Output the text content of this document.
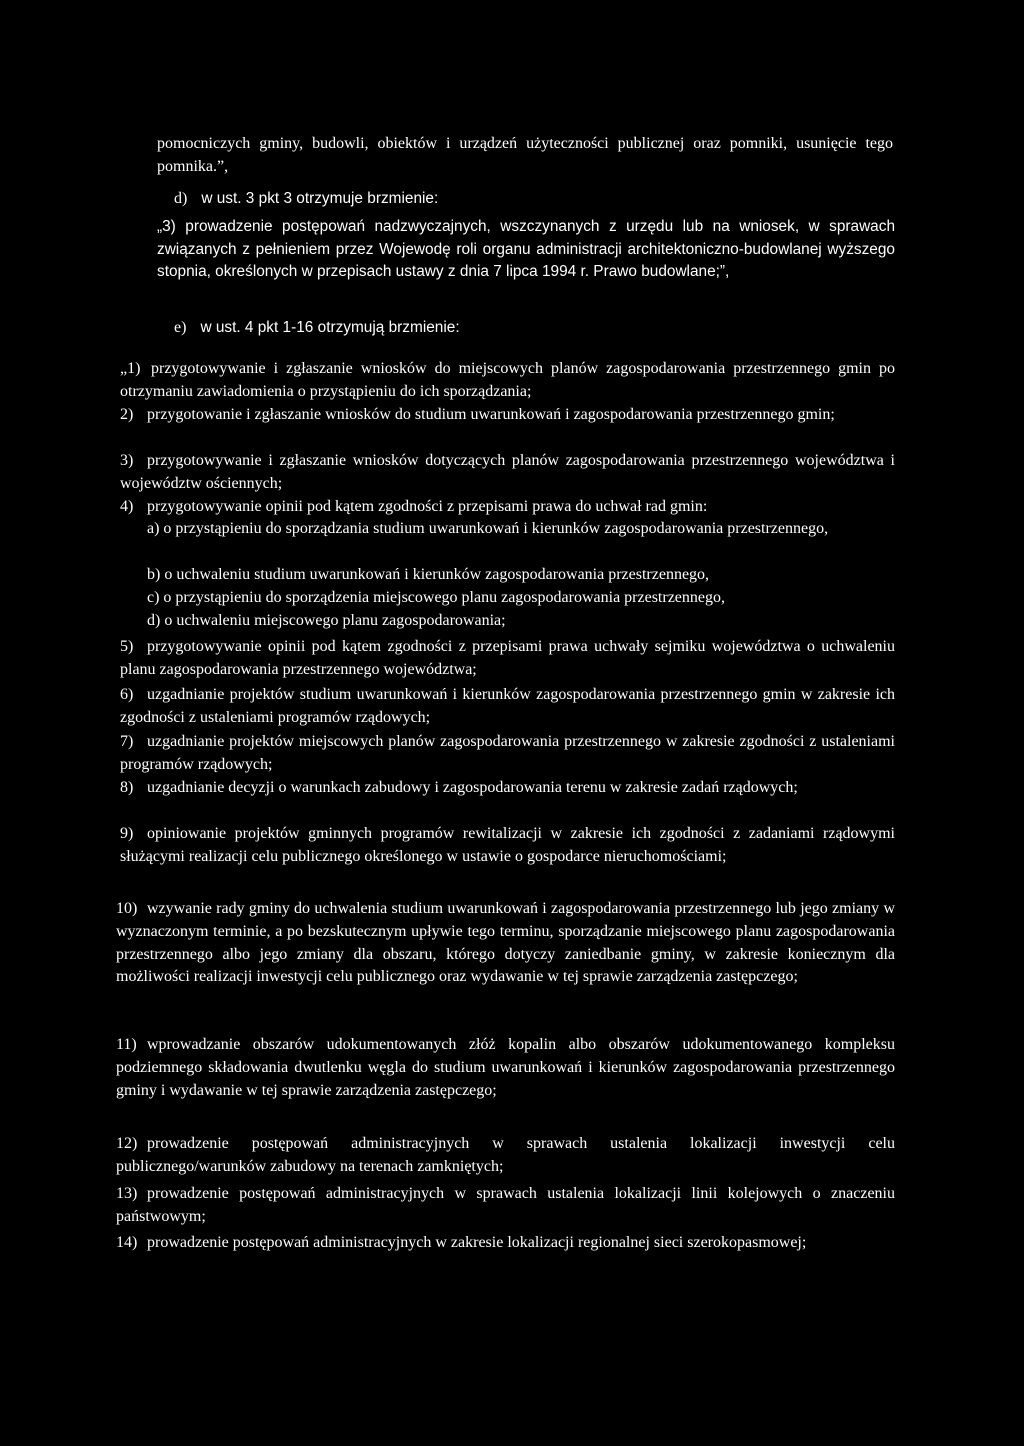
pomocniczych gminy, budowli, obiektów i urządzeń użyteczności publicznej oraz pomniki, usunięcie tego pomnika.”,

d) w ust. 3 pkt 3 otrzymuje brzmienie:

„3) prowadzenie postępowań nadzwyczajnych, wszczynanych z urzędu lub na wniosek, w sprawach związanych z pełnieniem przez Wojewodę roli organu administracji architektoniczno-budowlanej wyższego stopnia, określonych w przepisach ustawy z dnia 7 lipca 1994 r. Prawo budowlane;”,

e) w ust. 4 pkt 1-16 otrzymują brzmienie:
„1) przygotowywanie i zgłaszanie wniosków do miejscowych planów zagospodarowania przestrzennego gmin po otrzymaniu zawiadomienia o przystąpieniu do ich sporządzania;
2) przygotowanie i zgłaszanie wniosków do studium uwarunkowań i zagospodarowania przestrzennego gmin;
3) przygotowywanie i zgłaszanie wniosków dotyczących planów zagospodarowania przestrzennego województwa i województw ościennych;
4) przygotowywanie opinii pod kątem zgodności z przepisami prawa do uchwał rad gmin:

a) o przystąpieniu do sporządzania studium uwarunkowań i kierunków zagospodarowania przestrzennego,

b) o uchwaleniu studium uwarunkowań i kierunków zagospodarowania przestrzennego,

c) o przystąpieniu do sporządzenia miejscowego planu zagospodarowania przestrzennego,

d) o uchwaleniu miejscowego planu zagospodarowania;

5) przygotowywanie opinii pod kątem zgodności z przepisami prawa uchwały sejmiku województwa o uchwaleniu planu zagospodarowania przestrzennego województwa;
6) uzgadnianie projektów studium uwarunkowań i kierunków zagospodarowania przestrzennego gmin w zakresie ich zgodności z ustaleniami programów rządowych;
7) uzgadnianie projektów miejscowych planów zagospodarowania przestrzennego w zakresie zgodności z ustaleniami programów rządowych;
8) uzgadnianie decyzji o warunkach zabudowy i zagospodarowania terenu w zakresie zadań rządowych;
9) opiniowanie projektów gminnych programów rewitalizacji w zakresie ich zgodności z zadaniami rządowymi służącymi realizacji celu publicznego określonego w ustawie o gospodarce nieruchomościami;
10) wzywanie rady gminy do uchwalenia studium uwarunkowań i zagospodarowania przestrzennego lub jego zmiany w wyznaczonym terminie, a po bezskutecznym upływie tego terminu, sporządzanie miejscowego planu zagospodarowania przestrzennego albo jego zmiany dla obszaru, którego dotyczy zaniedbanie gminy, w zakresie koniecznym dla możliwości realizacji inwestycji celu publicznego oraz wydawanie w tej sprawie zarządzenia zastępczego;
11) wprowadzanie obszarów udokumentowanych złóż kopalin albo obszarów udokumentowanego kompleksu podziemnego składowania dwutlenku węgla do studium uwarunkowań i kierunków zagospodarowania przestrzennego gminy i wydawanie w tej sprawie zarządzenia zastępczego;
12) prowadzenie postępowań administracyjnych w sprawach ustalenia lokalizacji inwestycji celu publicznego/warunków zabudowy na terenach zamkniętych;
13) prowadzenie postępowań administracyjnych w sprawach ustalenia lokalizacji linii kolejowych o znaczeniu państwowym;
14) prowadzenie postępowań administracyjnych w zakresie lokalizacji regionalnej sieci szerokopasmowej;
